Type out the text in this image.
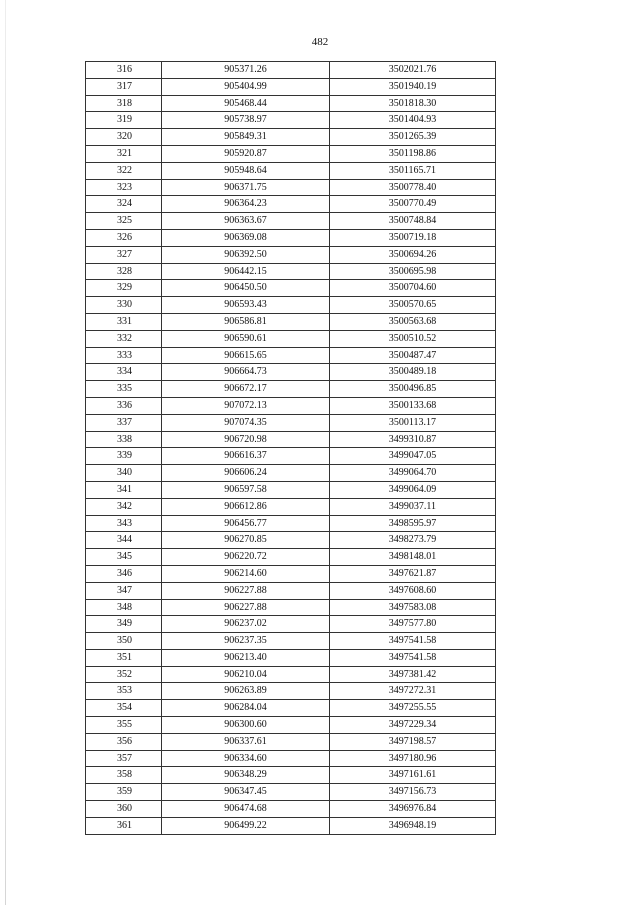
482
316	905371.26	3502021.76
317	905404.99	3501940.19
318	905468.44	3501818.30
319	905738.97	3501404.93
320	905849.31	3501265.39
321	905920.87	3501198.86
322	905948.64	3501165.71
323	906371.75	3500778.40
324	906364.23	3500770.49
325	906363.67	3500748.84
326	906369.08	3500719.18
327	906392.50	3500694.26
328	906442.15	3500695.98
329	906450.50	3500704.60
330	906593.43	3500570.65
331	906586.81	3500563.68
332	906590.61	3500510.52
333	906615.65	3500487.47
334	906664.73	3500489.18
335	906672.17	3500496.85
336	907072.13	3500133.68
337	907074.35	3500113.17
338	906720.98	3499310.87
339	906616.37	3499047.05
340	906606.24	3499064.70
341	906597.58	3499064.09
342	906612.86	3499037.11
343	906456.77	3498595.97
344	906270.85	3498273.79
345	906220.72	3498148.01
346	906214.60	3497621.87
347	906227.88	3497608.60
348	906227.88	3497583.08
349	906237.02	3497577.80
350	906237.35	3497541.58
351	906213.40	3497541.58
352	906210.04	3497381.42
353	906263.89	3497272.31
354	906284.04	3497255.55
355	906300.60	3497229.34
356	906337.61	3497198.57
357	906334.60	3497180.96
358	906348.29	3497161.61
359	906347.45	3497156.73
360	906474.68	3496976.84
361	906499.22	3496948.19
